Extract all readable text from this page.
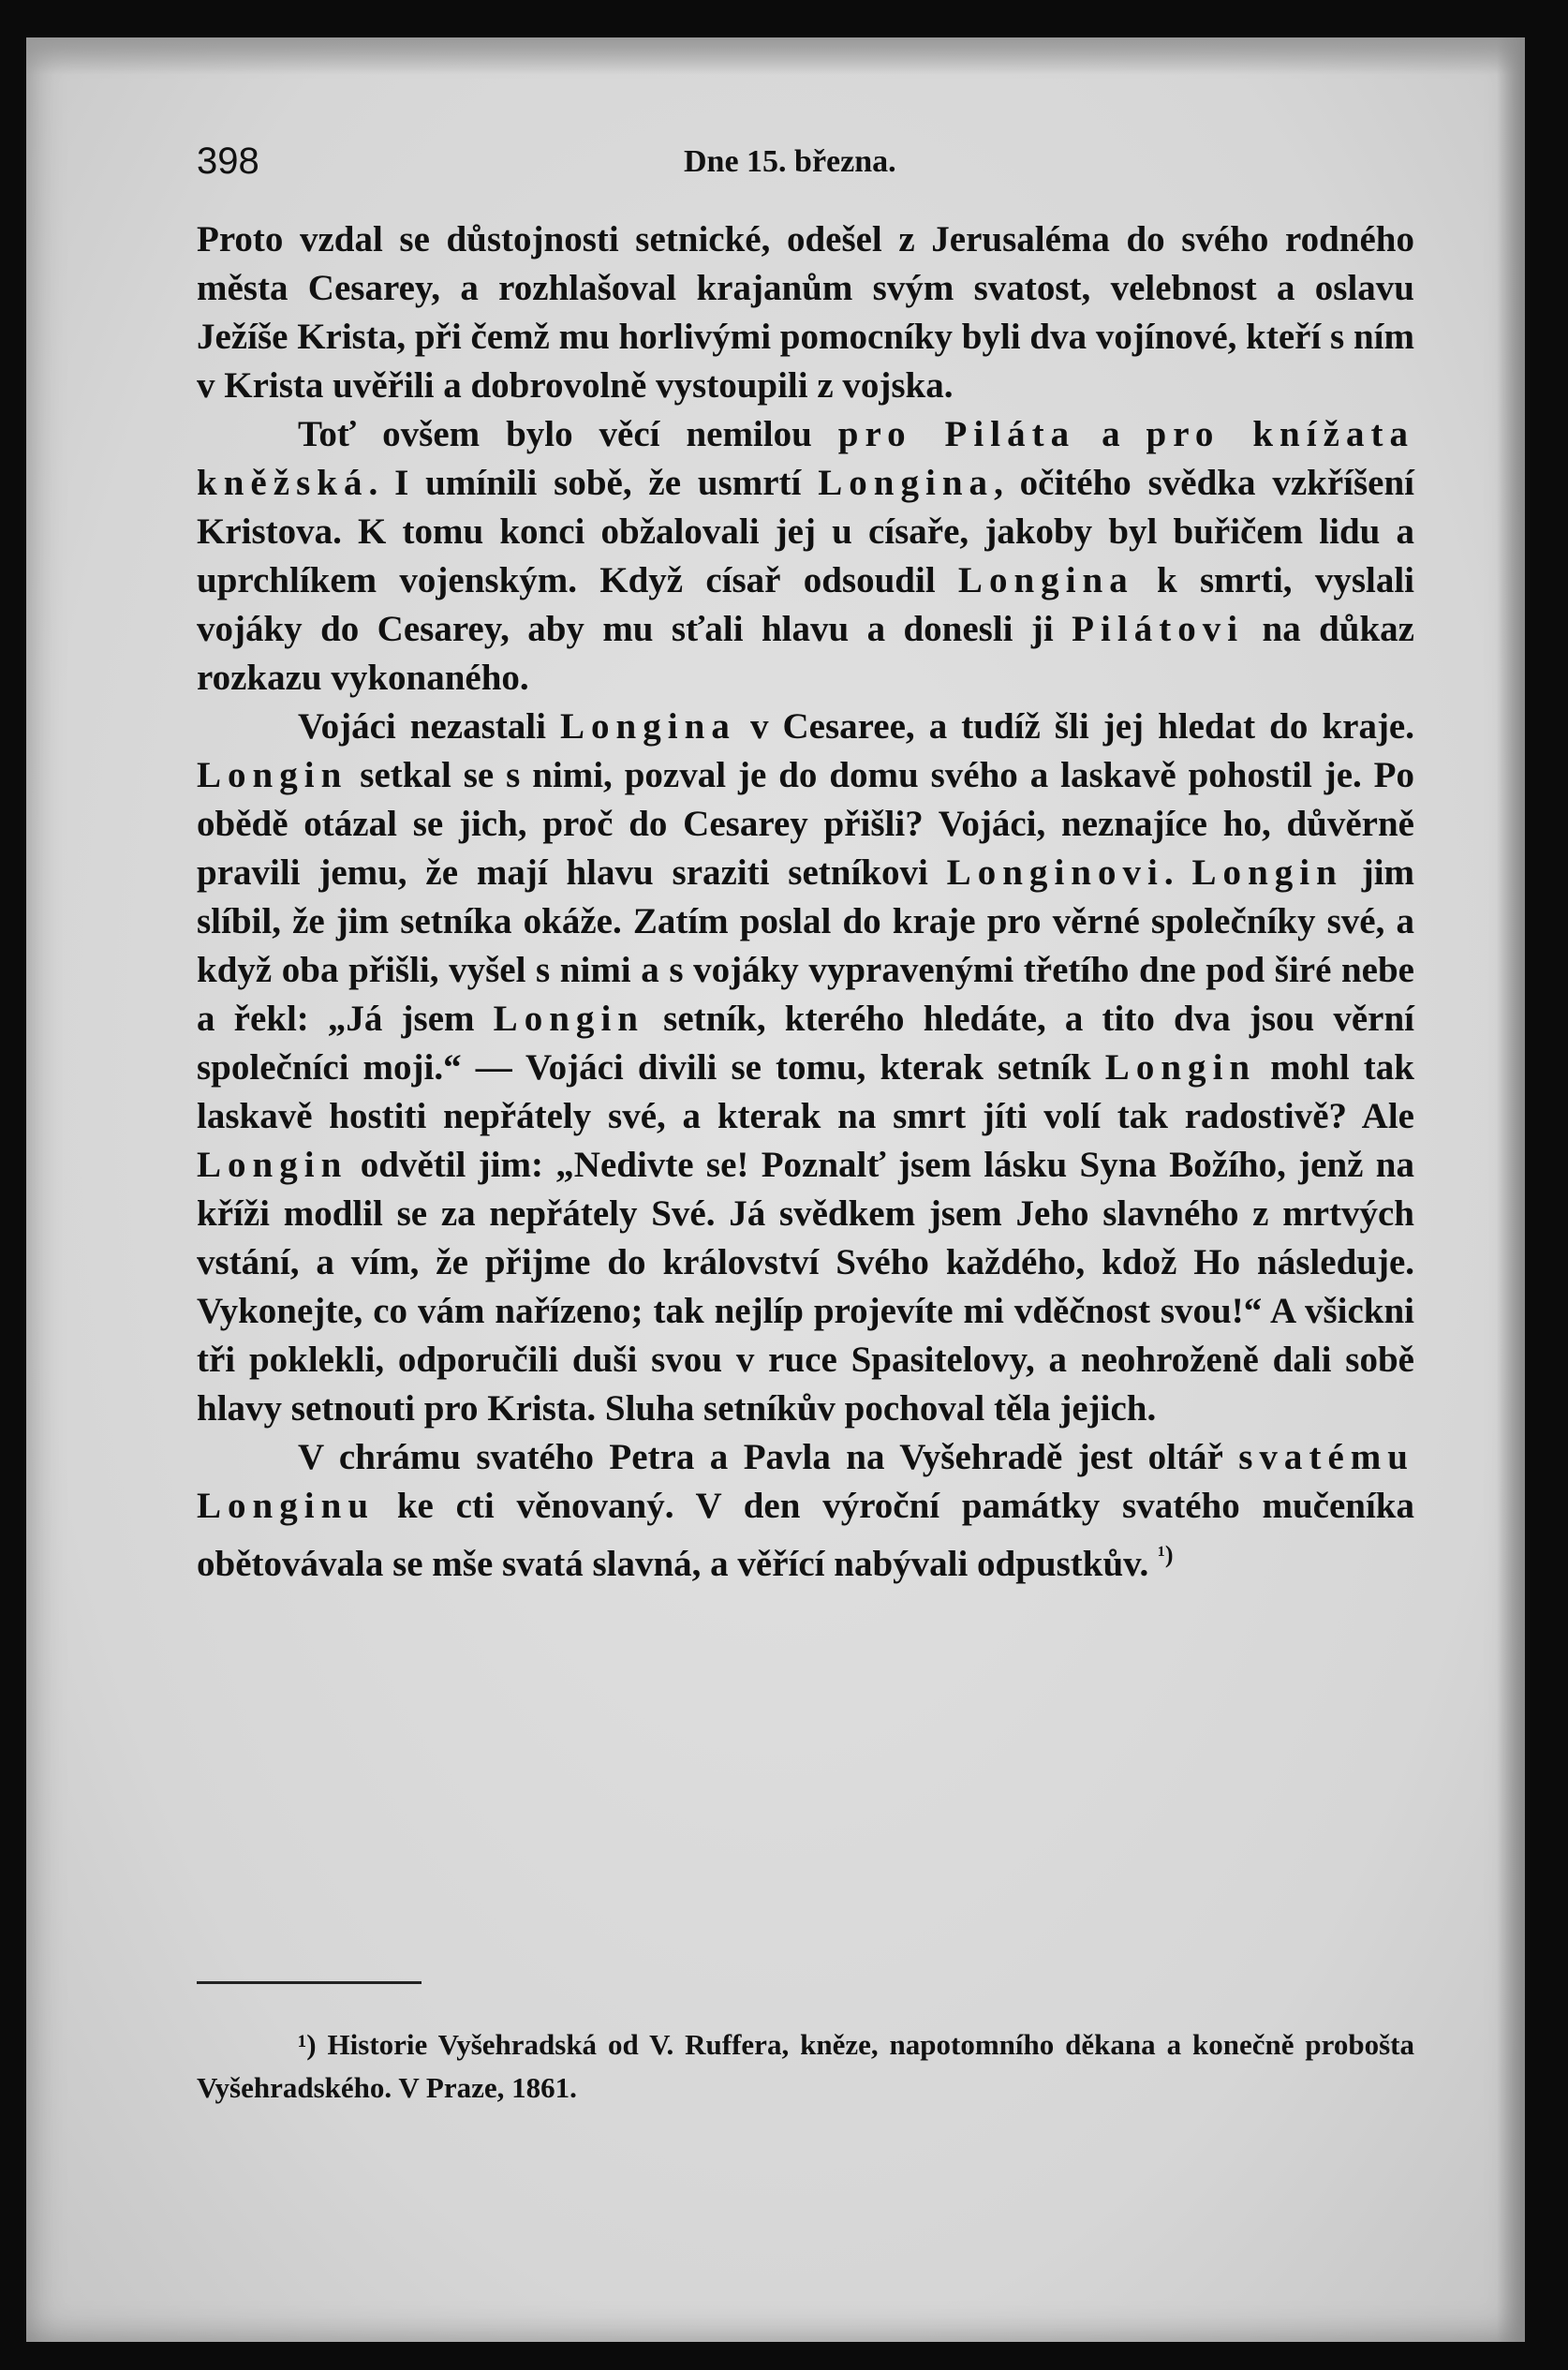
398	Dne 15. března.

Proto vzdal se důstojnosti setnické, odešel z Jerusaléma do svého rodného města Cesarey, a rozhlašoval krajanům svým svatost, velebnost a oslavu Ježíše Krista, při čemž mu horlivými pomocníky byli dva vojínové, kteří s ním v Krista uvěřili a dobrovolně vystoupili z vojska.

Toť ovšem bylo věcí nemilou pro Piláta a pro knížata kněžská. I umínili sobě, že usmrtí Longina, očitého svědka vzkříšení Kristova. K tomu konci obžalovali jej u císaře, jakoby byl buřičem lidu a uprchlíkem vojenským. Když císař odsoudil Longina k smrti, vyslali vojáky do Cesarey, aby mu sťali hlavu a donesli ji Pilátovi na důkaz rozkazu vykonaného.

Vojáci nezastali Longina v Cesaree, a tudíž šli jej hledat do kraje. Longin setkal se s nimi, pozval je do domu svého a laskavě pohostil je. Po obědě otázal se jich, proč do Cesarey přišli? Vojáci, neznajíce ho, důvěrně pravili jemu, že mají hlavu sraziti setníkovi Longinovi. Longin jim slíbil, že jim setníka okáže. Zatím poslal do kraje pro věrné společníky své, a když oba přišli, vyšel s nimi a s vojáky vypravenými třetího dne pod širé nebe a řekl: „Já jsem Longin setník, kterého hledáte, a tito dva jsou věrní společníci moji.“ — Vojáci divili se tomu, kterak setník Longin mohl tak laskavě hostiti nepřátely své, a kterak na smrt jíti volí tak radostivě? Ale Longin odvětil jim: „Nedivte se! Poznalť jsem lásku Syna Božího, jenž na kříži modlil se za nepřátely Své. Já svědkem jsem Jeho slavného z mrtvých vstání, a vím, že přijme do království Svého každého, kdož Ho následuje. Vykonejte, co vám nařízeno; tak nejlíp projevíte mi vděčnost svou!“ A všickni tři poklekli, odporučili duši svou v ruce Spasitelovy, a neohroženě dali sobě hlavy setnouti pro Krista. Sluha setníkův pochoval těla jejich.

V chrámu svatého Petra a Pavla na Vyšehradě jest oltář svatému Longinu ke cti věnovaný. V den výroční památky svatého mučeníka obětovávala se mše svatá slavná, a věřící nabývali odpustkův. $^{^1)}$

¹) Historie Vyšehradská od V. Ruffera, kněze, napotomního děkana a konečně probošta Vyšehradského. V Praze, 1861.
